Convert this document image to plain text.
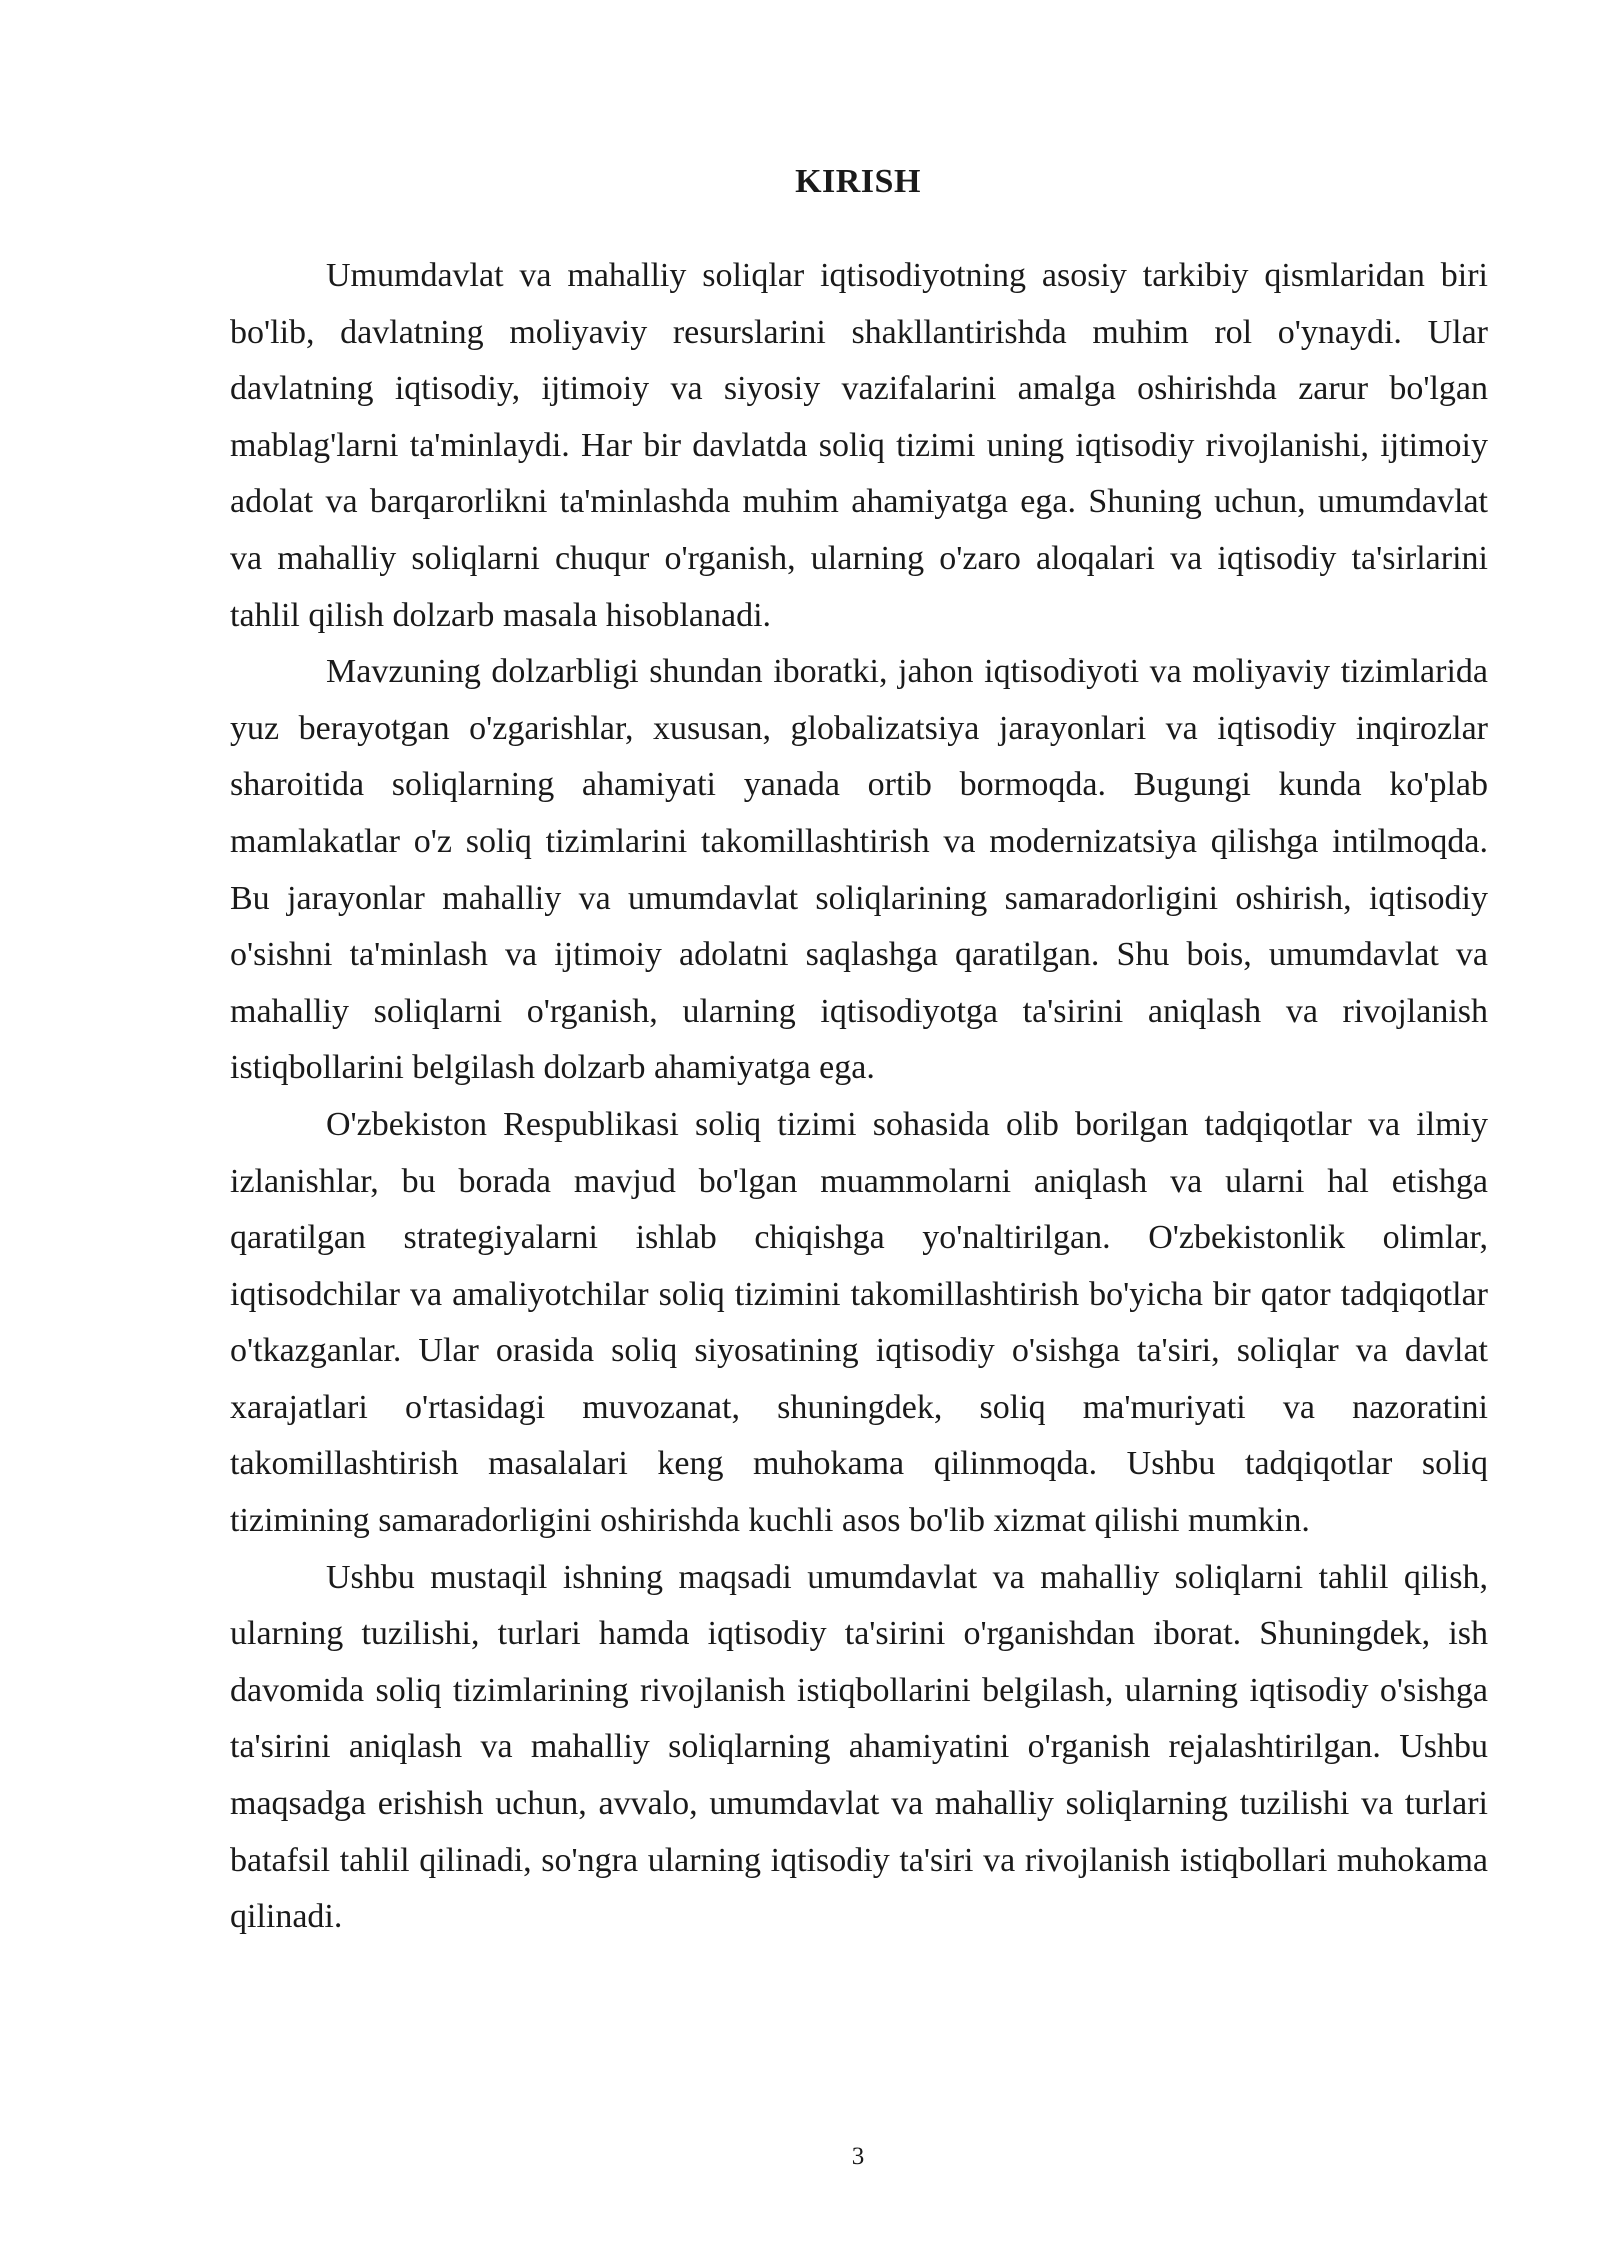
KIRISH

Umumdavlat va mahalliy soliqlar iqtisodiyotning asosiy tarkibiy qismlaridan biri bo'lib, davlatning moliyaviy resurslarini shakllantirishda muhim rol o'ynaydi. Ular davlatning iqtisodiy, ijtimoiy va siyosiy vazifalarini amalga oshirishda zarur bo'lgan mablag'larni ta'minlaydi. Har bir davlatda soliq tizimi uning iqtisodiy rivojlanishi, ijtimoiy adolat va barqarorlikni ta'minlashda muhim ahamiyatga ega. Shuning uchun, umumdavlat va mahalliy soliqlarni chuqur o'rganish, ularning o'zaro aloqalari va iqtisodiy ta'sirlarini tahlil qilish dolzarb masala hisoblanadi.

Mavzuning dolzarbligi shundan iboratki, jahon iqtisodiyoti va moliyaviy tizimlarida yuz berayotgan o'zgarishlar, xususan, globalizatsiya jarayonlari va iqtisodiy inqirozlar sharoitida soliqlarning ahamiyati yanada ortib bormoqda. Bugungi kunda ko'plab mamlakatlar o'z soliq tizimlarini takomillashtirish va modernizatsiya qilishga intilmoqda. Bu jarayonlar mahalliy va umumdavlat soliqlarining samaradorligini oshirish, iqtisodiy o'sishni ta'minlash va ijtimoiy adolatni saqlashga qaratilgan. Shu bois, umumdavlat va mahalliy soliqlarni o'rganish, ularning iqtisodiyotga ta'sirini aniqlash va rivojlanish istiqbollarini belgilash dolzarb ahamiyatga ega.

O'zbekiston Respublikasi soliq tizimi sohasida olib borilgan tadqiqotlar va ilmiy izlanishlar, bu borada mavjud bo'lgan muammolarni aniqlash va ularni hal etishga qaratilgan strategiyalarni ishlab chiqishga yo'naltirilgan. O'zbekistonlik olimlar, iqtisodchilar va amaliyotchilar soliq tizimini takomillashtirish bo'yicha bir qator tadqiqotlar o'tkazganlar. Ular orasida soliq siyosatining iqtisodiy o'sishga ta'siri, soliqlar va davlat xarajatlari o'rtasidagi muvozanat, shuningdek, soliq ma'muriyati va nazoratini takomillashtirish masalalari keng muhokama qilinmoqda. Ushbu tadqiqotlar soliq tizimining samaradorligini oshirishda kuchli asos bo'lib xizmat qilishi mumkin.

Ushbu mustaqil ishning maqsadi umumdavlat va mahalliy soliqlarni tahlil qilish, ularning tuzilishi, turlari hamda iqtisodiy ta'sirini o'rganishdan iborat. Shuningdek, ish davomida soliq tizimlarining rivojlanish istiqbollarini belgilash, ularning iqtisodiy o'sishga ta'sirini aniqlash va mahalliy soliqlarning ahamiyatini o'rganish rejalashtirilgan. Ushbu maqsadga erishish uchun, avvalo, umumdavlat va mahalliy soliqlarning tuzilishi va turlari batafsil tahlil qilinadi, so'ngra ularning iqtisodiy ta'siri va rivojlanish istiqbollari muhokama qilinadi.

3
